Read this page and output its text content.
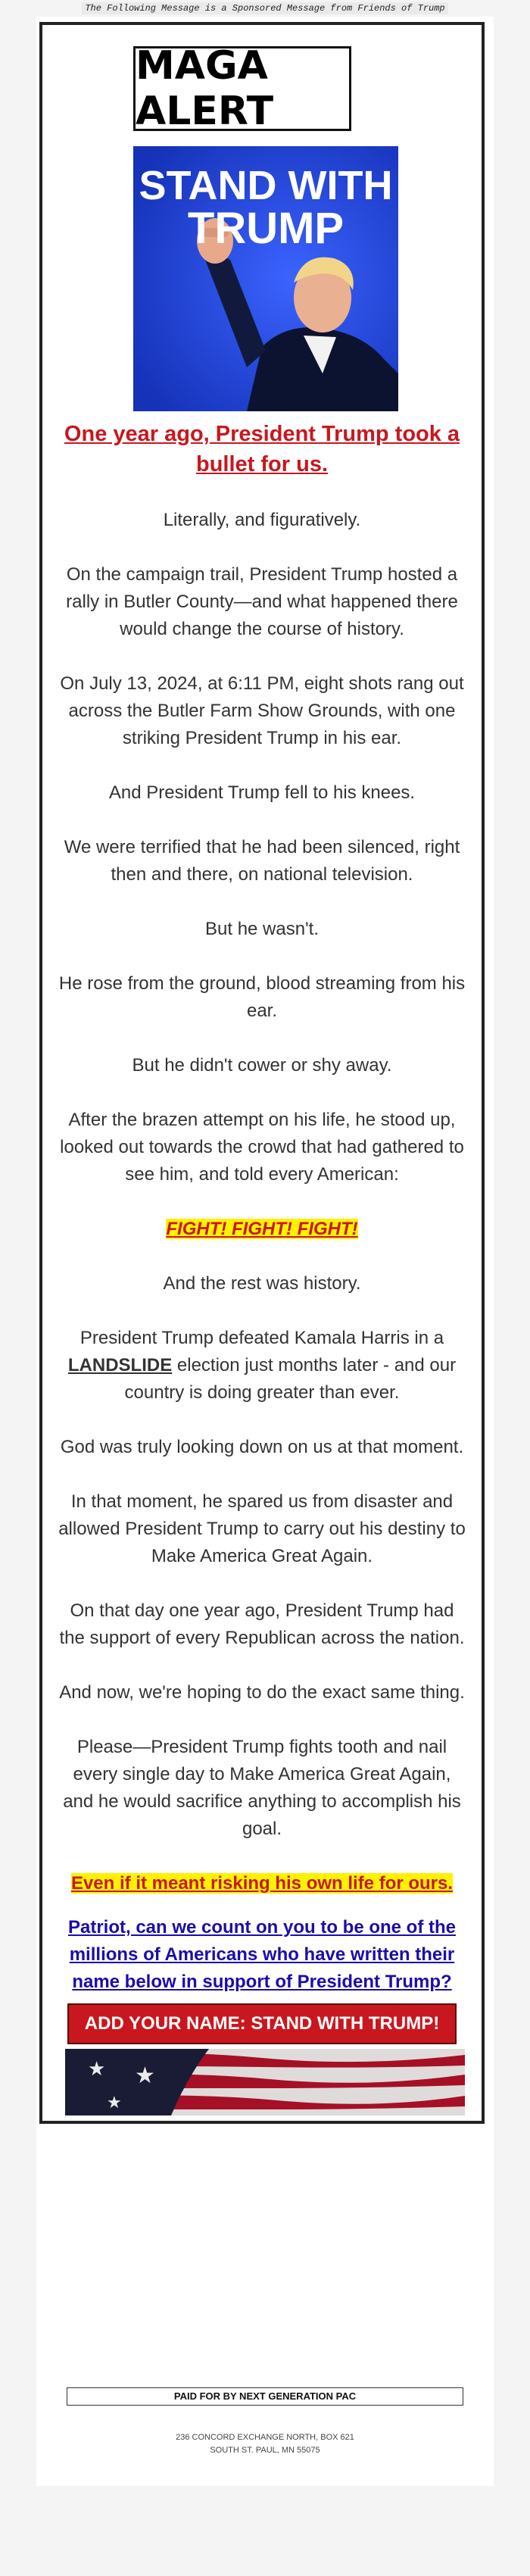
The Following Message is a Sponsored Message from Friends of Trump
MAGA ALERT
STAND WITH
TRUMP
One year ago, President Trump took a bullet for us.

Literally, and figuratively.

On the campaign trail, President Trump hosted a rally in Butler County—and what happened there would change the course of history.

On July 13, 2024, at 6:11 PM, eight shots rang out across the Butler Farm Show Grounds, with one striking President Trump in his ear.

And President Trump fell to his knees.

We were terrified that he had been silenced, right then and there, on national television.

But he wasn't.

He rose from the ground, blood streaming from his ear.

But he didn't cower or shy away.

After the brazen attempt on his life, he stood up, looked out towards the crowd that had gathered to see him, and told every American:

FIGHT! FIGHT! FIGHT!

And the rest was history.

President Trump defeated Kamala Harris in a
LANDSLIDE election just months later - and our country is doing greater than ever.

God was truly looking down on us at that moment.

In that moment, he spared us from disaster and allowed President Trump to carry out his destiny to Make America Great Again.

On that day one year ago, President Trump had the support of every Republican across the nation.

And now, we're hoping to do the exact same thing.

Please—President Trump fights tooth and nail every single day to Make America Great Again, and he would sacrifice anything to accomplish his goal.

Even if it meant risking his own life for ours.

Patriot, can we count on you to be one of the millions of Americans who have written their name below in support of President Trump?
ADD YOUR NAME: STAND WITH TRUMP!
★ ★
★
PAID FOR BY NEXT GENERATION PAC
236 CONCORD EXCHANGE NORTH, BOX 621
SOUTH ST. PAUL, MN 55075
